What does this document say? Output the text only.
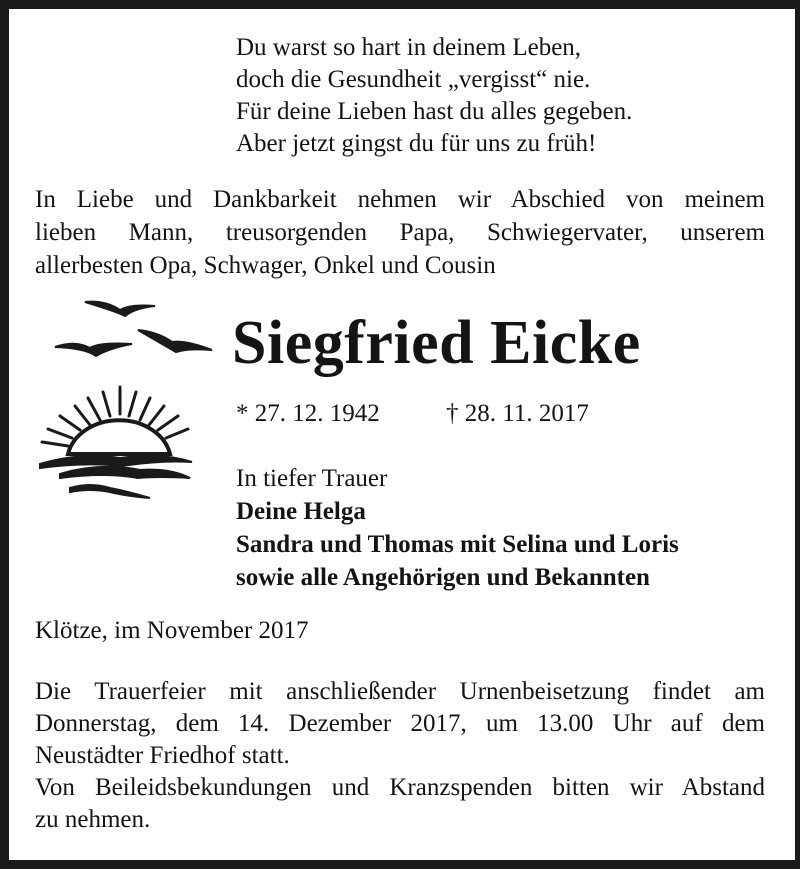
Du warst so hart in deinem Leben,
doch die Gesundheit „vergisst“ nie.
Für deine Lieben hast du alles gegeben.
Aber jetzt gingst du für uns zu früh!
In Liebe und Dankbarkeit nehmen wir Abschied von meinem
lieben Mann, treusorgenden Papa, Schwiegervater, unserem
allerbesten Opa, Schwager, Onkel und Cousin
Siegfried Eicke
* 27. 12. 1942	† 28. 11. 2017
In tiefer Trauer
Deine Helga
Sandra und Thomas mit Selina und Loris
sowie alle Angehörigen und Bekannten
Klötze, im November 2017
Die Trauerfeier mit anschließender Urnenbeisetzung findet am
Donnerstag, dem 14. Dezember 2017, um 13.00 Uhr auf dem
Neustädter Friedhof statt.
Von Beileidsbekundungen und Kranzspenden bitten wir Abstand
zu nehmen.
